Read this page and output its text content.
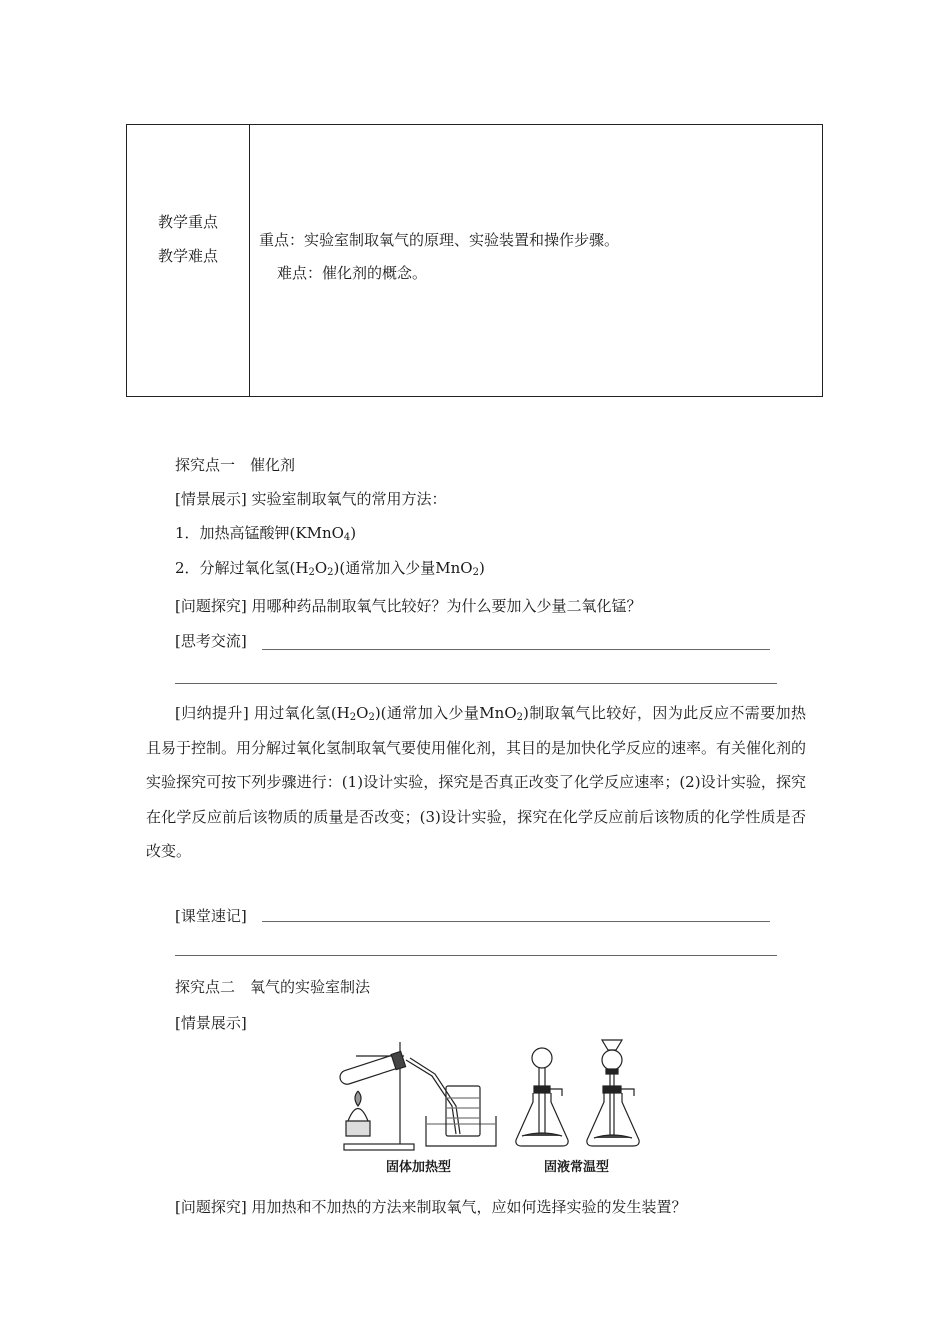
教学重点
教学难点
重点：实验室制取氧气的原理、实验装置和操作步骤。
难点：催化剂的概念。
探究点一　催化剂
[情景展示] 实验室制取氧气的常用方法：
1．加热高锰酸钾(KMnO$_4$)
2．分解过氧化氢$(H_2O_2)$(通常加入少量MnO$_2$)
[问题探究] 用哪种药品制取氧气比较好？为什么要加入少量二氧化锰？
[思考交流]
[归纳提升] 用过氧化氢$(H_2O_2)$(通常加入少量MnO$_2$)制取氧气比较好，因为此反应不需要加热且易于控制。用分解过氧化氢制取氧气要使用催化剂，其目的是加快化学反应的速率。有关催化剂的实验探究可按下列步骤进行：(1)设计实验，探究是否真正改变了化学反应速率；(2)设计实验，探究在化学反应前后该物质的质量是否改变；(3)设计实验，探究在化学反应前后该物质的化学性质是否改变。
[课堂速记]
探究点二　氧气的实验室制法
[情景展示]
固体加热型	固液常温型
[问题探究] 用加热和不加热的方法来制取氧气，应如何选择实验的发生装置？
